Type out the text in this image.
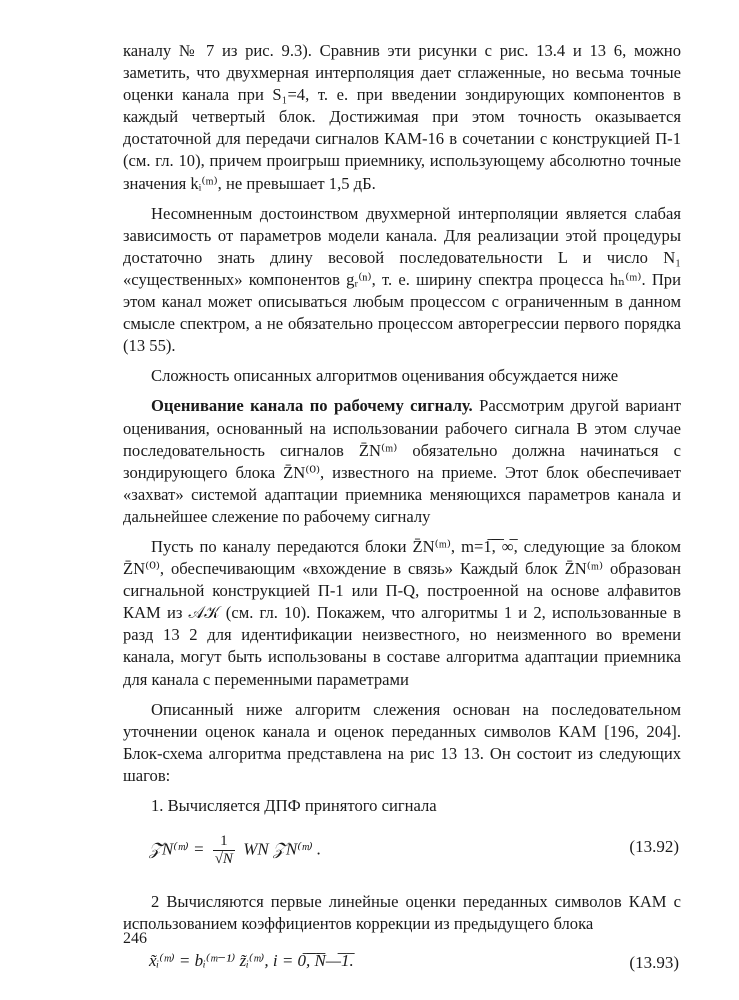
каналу № 7 из рис. 9.3). Сравнив эти рисунки с рис. 13.4 и 13 6, можно заметить, что двухмерная интерполяция дает сглаженные, но весьма точные оценки канала при S₁=4, т. е. при введении зондирующих компонентов в каждый четвертый блок. Достижимая при этом точность оказывается достаточной для передачи сигналов КАМ-16 в сочетании с конструкцией П-1 (см. гл. 10), причем проигрыш приемнику, использующему абсолютно точные значения kᵢ⁽ᵐ⁾, не превышает 1,5 дБ.

Несомненным достоинством двухмерной интерполяции является слабая зависимость от параметров модели канала. Для реализации этой процедуры достаточно знать длину весовой последовательности L и число N₁ «существенных» компонентов gᵣ⁽ⁿ⁾, т. е. ширину спектра процесса hₙ⁽ᵐ⁾. При этом канал может описываться любым процессом с ограниченным в данном смысле спектром, а не обязательно процессом авторегрессии первого порядка (13 55).

Сложность описанных алгоритмов оценивания обсуждается ниже

Оценивание канала по рабочему сигналу. Рассмотрим другой вариант оценивания, основанный на использовании рабочего сигнала В этом случае последовательность сигналов Z̄N⁽ᵐ⁾ обязательно должна начинаться с зондирующего блока Z̄N⁽⁰⁾, известного на приеме. Этот блок обеспечивает «захват» системой адаптации приемника меняющихся параметров канала и дальнейшее слежение по рабочему сигналу

Пусть по каналу передаются блоки Z̄N⁽ᵐ⁾, m=1̅,̅ ̅∞̅, следующие за блоком Z̄N⁽⁰⁾, обеспечивающим «вхождение в связь» Каждый блок Z̄N⁽ᵐ⁾ образован сигнальной конструкцией П-1 или П-Q, построенной на основе алфавитов КАМ из 𝒜𝒦 (см. гл. 10). Покажем, что алгоритмы 1 и 2, использованные в разд 13 2 для идентификации неизвестного, но неизменного во времени канала, могут быть использованы в составе алгоритма адаптации приемника для канала с переменными параметрами

Описанный ниже алгоритм слежения основан на последовательном уточнении оценок канала и оценок переданных символов КАМ [196, 204]. Блок-схема алгоритма представлена на рис 13 13. Он состоит из следующих шагов:

1. Вычисляется ДПФ принятого сигнала

𝒵̃N⁽ᵐ⁾ = $\frac{1}{√N}$ WN 𝒵N⁽ᵐ⁾ .	(13.92)

2 Вычисляются первые линейные оценки переданных символов КАМ с использованием коэффициентов коррекции из предыдущего блока

x̃ᵢ⁽ᵐ⁾ = bᵢ⁽ᵐ⁻¹⁾ z̃ᵢ⁽ᵐ⁾, i = 0̅,̅ ̅N̅—̅1̅.	(13.93)
246
